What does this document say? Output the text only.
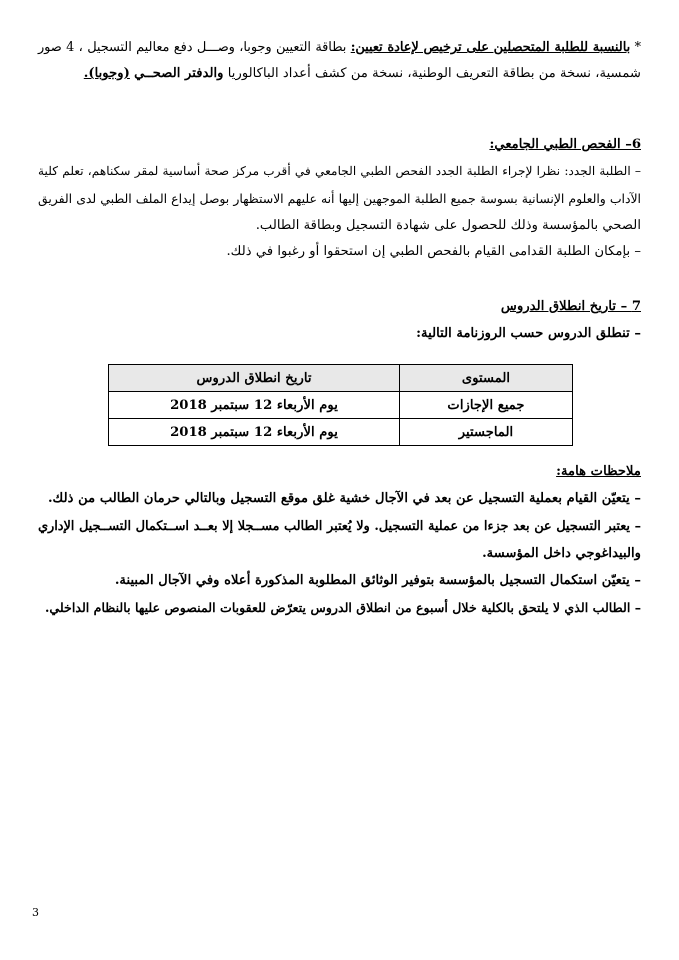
* بالنسبة للطلبة المتحصلين على ترخيص لإعادة تعيين: بطاقة التعيين وجوبا، وصـــل دفع معاليم التسجيل ، 4 صور
شمسية، نسخة من بطاقة التعريف الوطنية، نسخة من كشف أعداد الباكالوريا والدفتر الصحــي (وجوبا).
6– الفحص الطبي الجامعي:
– الطلبة الجدد: نظرا لإجراء الطلبة الجدد الفحص الطبي الجامعي في أقرب مركز صحة أساسية لمقر سكناهم، تعلم كلية
الآداب والعلوم الإنسانية بسوسة جميع الطلبة الموجهين إليها أنه عليهم الاستظهار بوصل إيداع الملف الطبي لدى الفريق
الصحي بالمؤسسة وذلك للحصول على شهادة التسجيل وبطاقة الطالب.
– بإمكان الطلبة القدامى القيام بالفحص الطبي إن استحقوا أو رغبوا في ذلك.
7 – تاريخ انطلاق الدروس
– تنطلق الدروس حسب الروزنامة التالية:
المستوى	تاريخ انطلاق الدروس
جميع الإجازات	يوم الأربعاء 12 سبتمبر 2018
الماجستير	يوم الأربعاء 12 سبتمبر 2018
ملاحظات هامة:
– يتعيّن القيام بعملية التسجيل عن بعد في الآجال خشية غلق موقع التسجيل وبالتالي حرمان الطالب من ذلك.
– يعتبر التسجيل عن بعد جزءا من عملية التسجيل. ولا يُعتبر الطالب مســجلا إلا بعــد اســتكمال التســجيل الإداري
والبيداغوجي داخل المؤسسة.
– يتعيّن استكمال التسجيل بالمؤسسة بتوفير الوثائق المطلوبة المذكورة أعلاه وفي الآجال المبينة.
– الطالب الذي لا يلتحق بالكلية خلال أسبوع من انطلاق الدروس يتعرّض للعقوبات المنصوص عليها بالنظام الداخلي.
3
